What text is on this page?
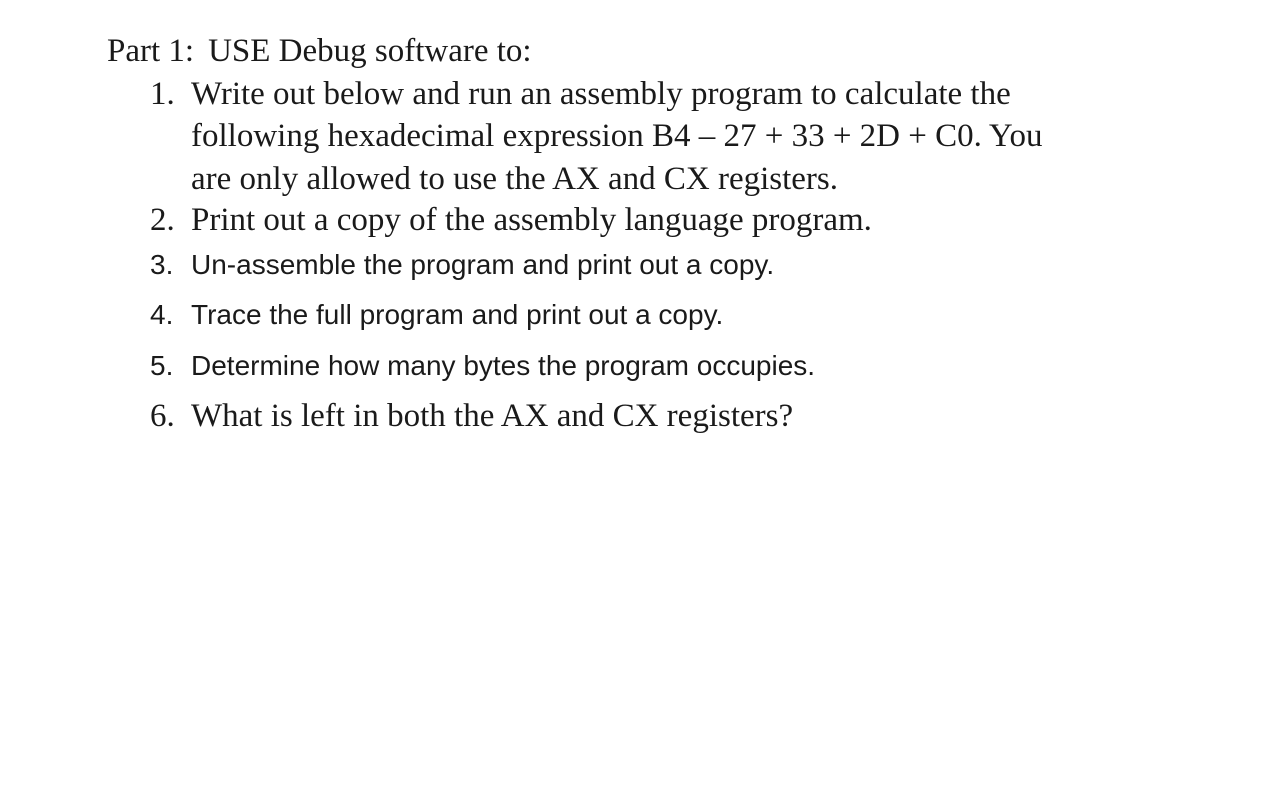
Part 1: USE Debug software to:
1. Write out below and run an assembly program to calculate the
following hexadecimal expression B4 – 27 + 33 + 2D + C0. You
are only allowed to use the AX and CX registers.
2. Print out a copy of the assembly language program.
3. Un-assemble the program and print out a copy.
4. Trace the full program and print out a copy.
5. Determine how many bytes the program occupies.
6. What is left in both the AX and CX registers?
